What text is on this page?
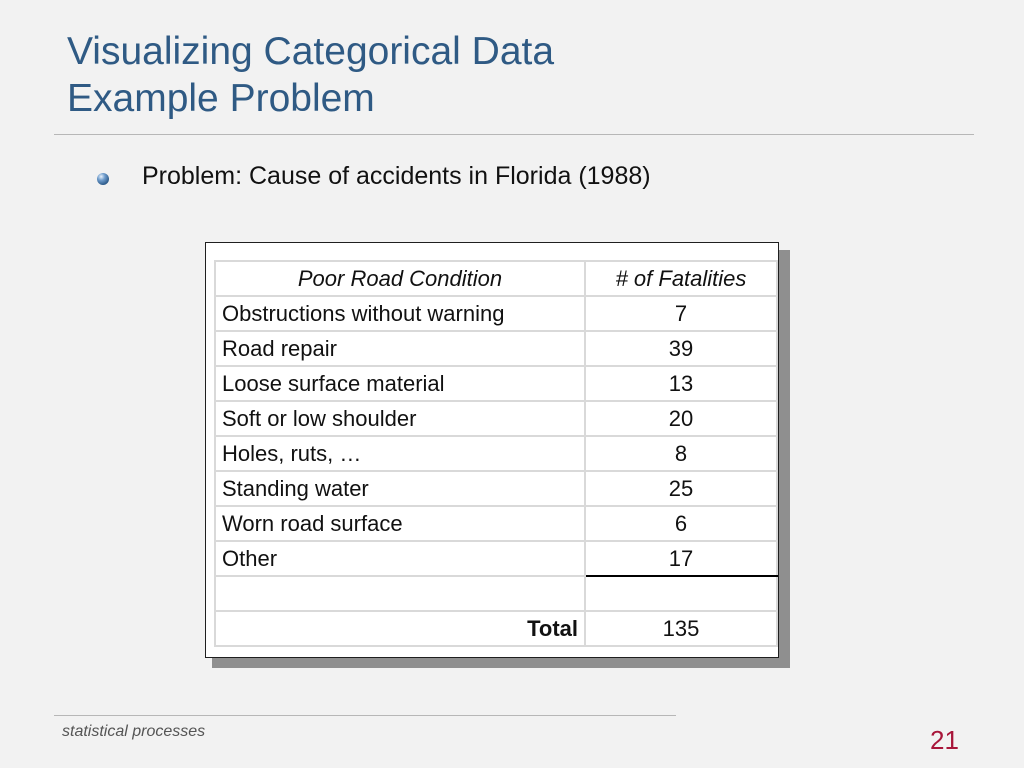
Visualizing Categorical Data
Example Problem
Problem: Cause of accidents in Florida (1988)
Poor Road Condition	# of Fatalities
Obstructions without warning	7
Road repair	39
Loose surface material	13
Soft or low shoulder	20
Holes, ruts, …	8
Standing water	25
Worn road surface	6
Other	17

Total	135
statistical processes	21
